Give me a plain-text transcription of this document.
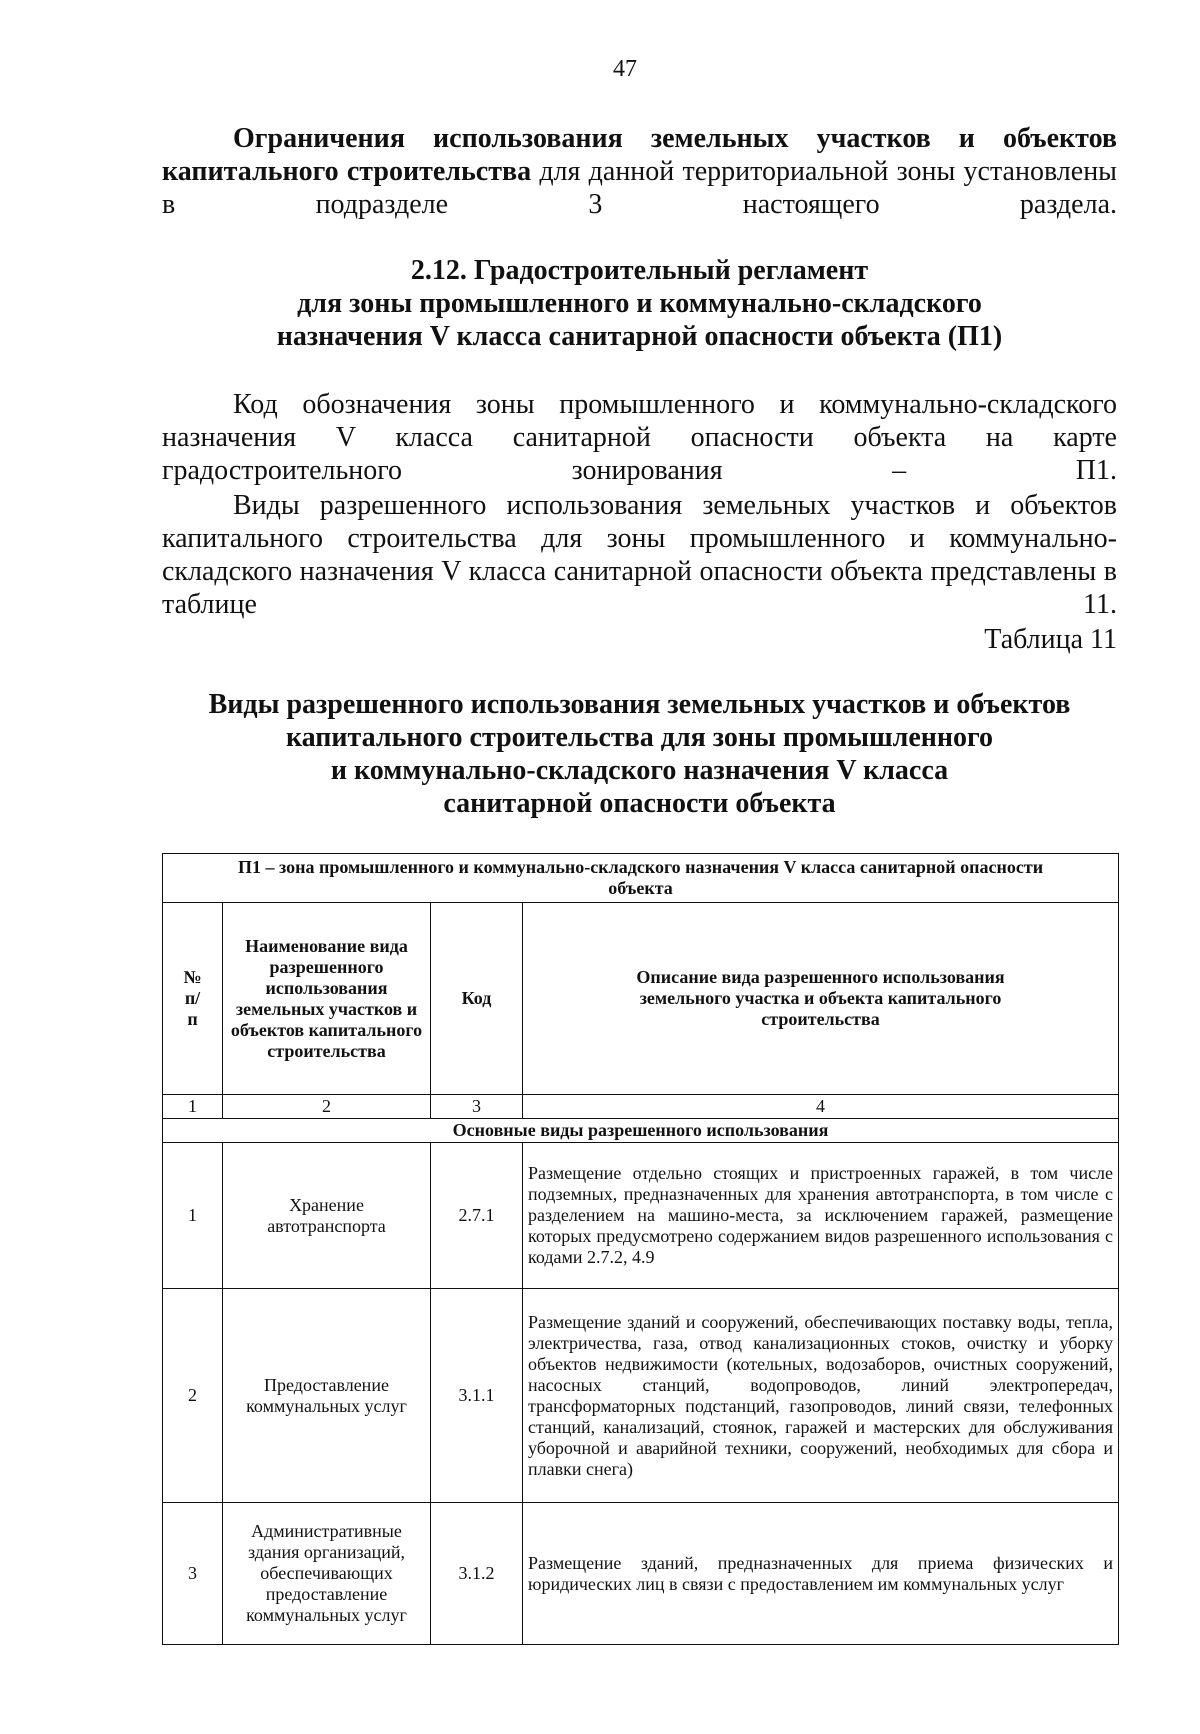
47
Ограничения использования земельных участков и объектов капитального строительства для данной территориальной зоны установлены в подразделе 3 настоящего раздела.
2.12. Градостроительный регламент
для зоны промышленного и коммунально-складского
назначения V класса санитарной опасности объекта (П1)
Код обозначения зоны промышленного и коммунально-складского назначения V класса санитарной опасности объекта на карте градостроительного зонирования – П1.
Виды разрешенного использования земельных участков и объектов капитального строительства для зоны промышленного и коммунально-складского назначения V класса санитарной опасности объекта представлены в таблице 11.
Таблица 11
Виды разрешенного использования земельных участков и объектов
капитального строительства для зоны промышленного
и коммунально-складского назначения V класса
санитарной опасности объекта
П1 – зона промышленного и коммунально-складского назначения V класса санитарной опасности объекта			
№ п/п	Наименование вида разрешенного использования земельных участков и объектов капитального строительства	Код	Описание вида разрешенного использования земельного участка и объекта капитального строительства
1	2	3	4
Основные виды разрешенного использования			
1	Хранение автотранспорта	2.7.1	Размещение отдельно стоящих и пристроенных гаражей, в том числе подземных, предназначенных для хранения автотранспорта, в том числе с разделением на машино-места, за исключением гаражей, размещение которых предусмотрено содержанием видов разрешенного использования с кодами 2.7.2, 4.9
2	Предоставление коммунальных услуг	3.1.1	Размещение зданий и сооружений, обеспечивающих поставку воды, тепла, электричества, газа, отвод канализационных стоков, очистку и уборку объектов недвижимости (котельных, водозаборов, очистных сооружений, насосных станций, водопроводов, линий электропередач, трансформаторных подстанций, газопроводов, линий связи, телефонных станций, канализаций, стоянок, гаражей и мастерских для обслуживания уборочной и аварийной техники, сооружений, необходимых для сбора и плавки снега)
3	Административные здания организаций, обеспечивающих предоставление коммунальных услуг	3.1.2	Размещение зданий, предназначенных для приема физических и юридических лиц в связи с предоставлением им коммунальных услуг
